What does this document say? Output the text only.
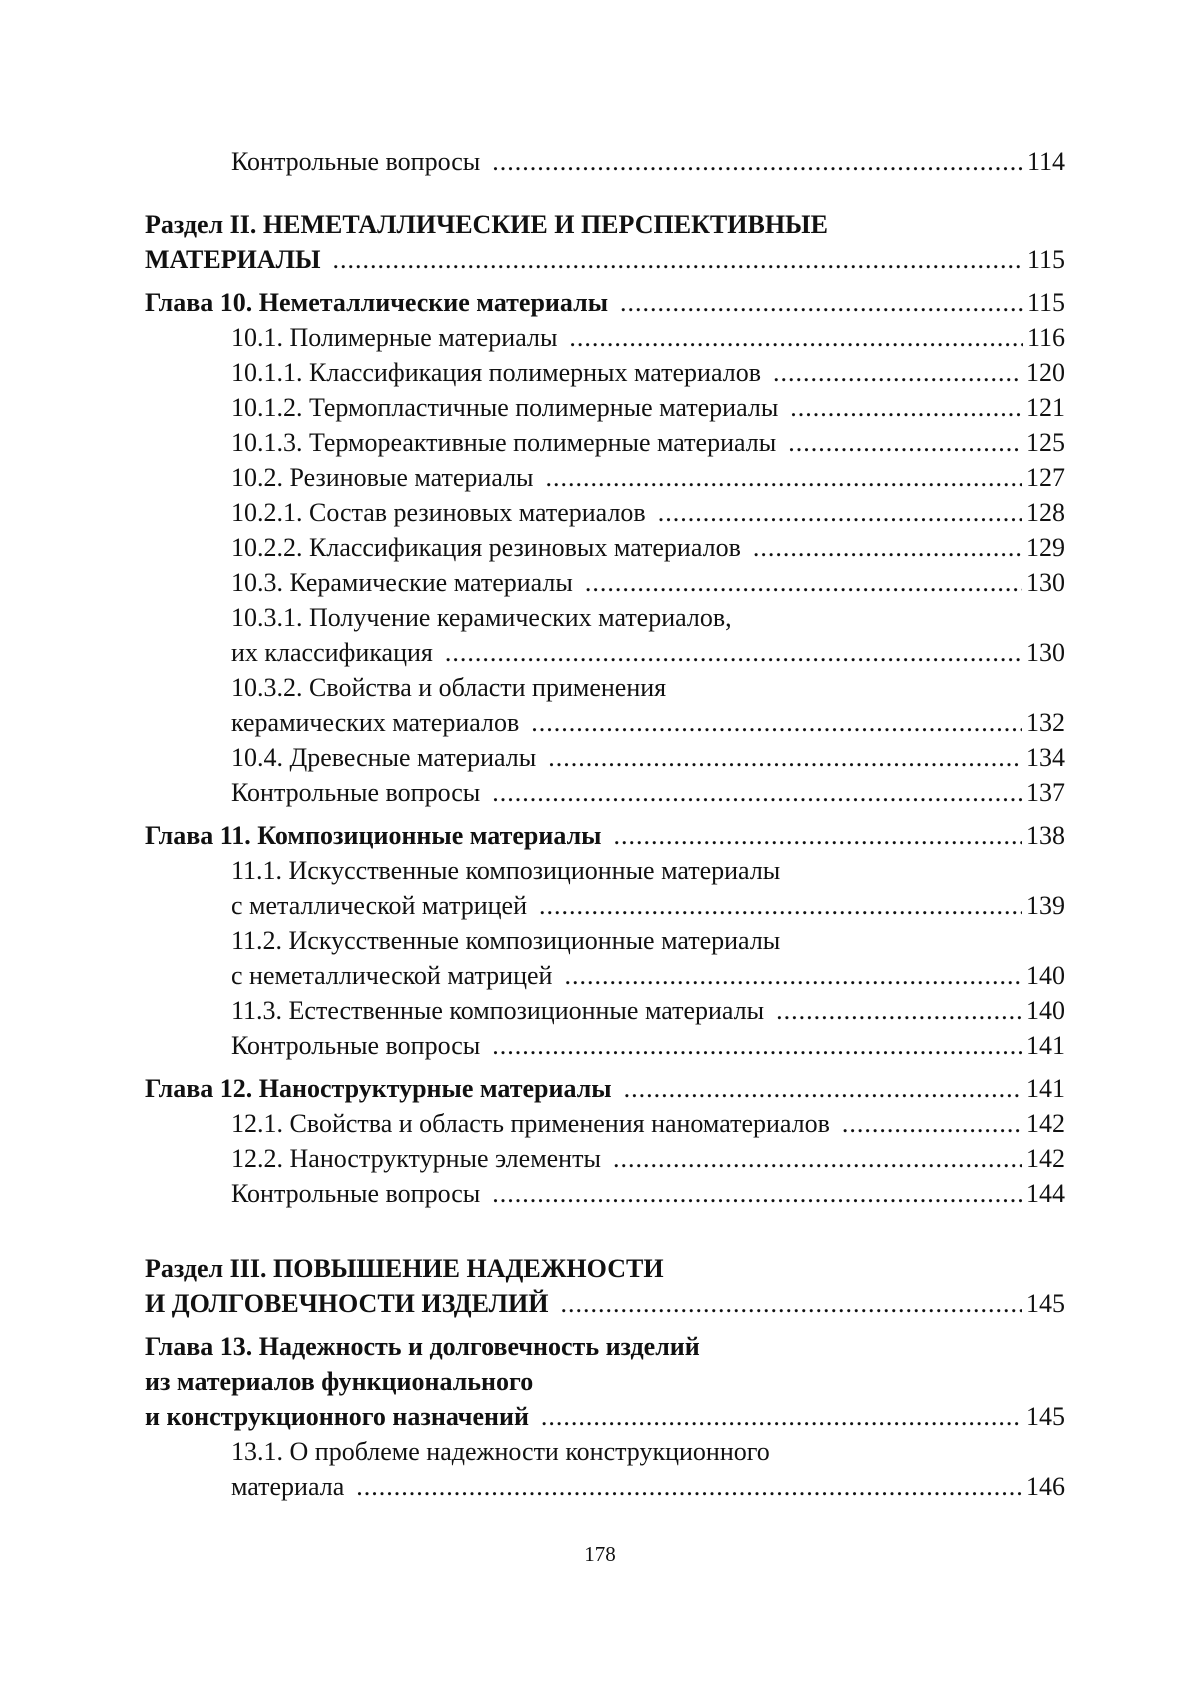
Контрольные вопросы .....	114
Раздел II. НЕМЕТАЛЛИЧЕСКИЕ И ПЕРСПЕКТИВНЫЕ
МАТЕРИАЛЫ .....	115
Глава 10. Неметаллические материалы .....	115
10.1. Полимерные материалы .....	116
10.1.1. Классификация полимерных материалов .....	120
10.1.2. Термопластичные полимерные материалы .....	121
10.1.3. Термореактивные полимерные материалы .....	125
10.2. Резиновые материалы .....	127
10.2.1. Состав резиновых материалов .....	128
10.2.2. Классификация резиновых материалов .....	129
10.3. Керамические материалы .....	130
10.3.1. Получение керамических материалов,
их классификация .....	130
10.3.2. Свойства и области применения
керамических материалов .....	132
10.4. Древесные материалы .....	134
Контрольные вопросы .....	137
Глава 11. Композиционные материалы .....	138
11.1. Искусственные композиционные материалы
с металлической матрицей .....	139
11.2. Искусственные композиционные материалы
с неметаллической матрицей .....	140
11.3. Естественные композиционные материалы .....	140
Контрольные вопросы .....	141
Глава 12. Наноструктурные материалы .....	141
12.1. Свойства и область применения наноматериалов .....	142
12.2. Наноструктурные элементы .....	142
Контрольные вопросы .....	144
Раздел III. ПОВЫШЕНИЕ НАДЕЖНОСТИ
И ДОЛГОВЕЧНОСТИ ИЗДЕЛИЙ .....	145
Глава 13. Надежность и долговечность изделий
из материалов функционального
и конструкционного назначений .....	145
13.1. О проблеме надежности конструкционного
материала .....	146
178
